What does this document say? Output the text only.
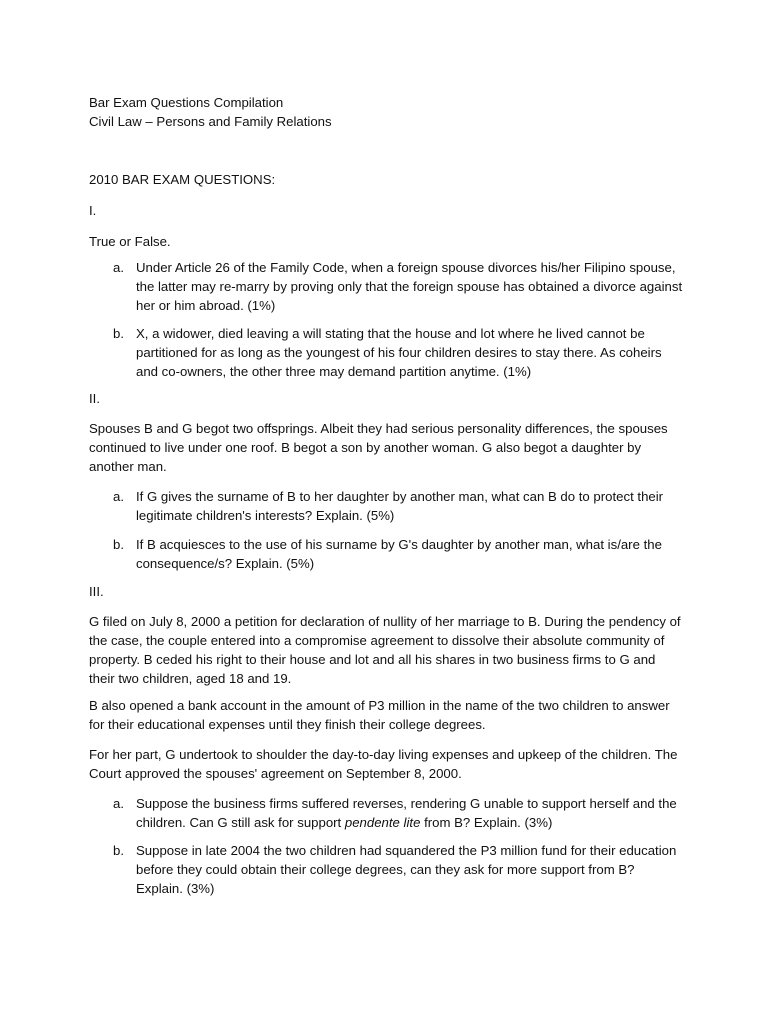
Bar Exam Questions Compilation

Civil Law – Persons and Family Relations

2010 BAR EXAM QUESTIONS:

I.

True or False.

a. Under Article 26 of the Family Code, when a foreign spouse divorces his/her Filipino spouse, the latter may re-marry by proving only that the foreign spouse has obtained a divorce against her or him abroad. (1%)
b. X, a widower, died leaving a will stating that the house and lot where he lived cannot be partitioned for as long as the youngest of his four children desires to stay there. As coheirs and co-owners, the other three may demand partition anytime. (1%)

II.

Spouses B and G begot two offsprings. Albeit they had serious personality differences, the spouses continued to live under one roof. B begot a son by another woman. G also begot a daughter by another man.

a. If G gives the surname of B to her daughter by another man, what can B do to protect their legitimate children's interests? Explain. (5%)
b. If B acquiesces to the use of his surname by G's daughter by another man, what is/are the consequence/s? Explain. (5%)

III.

G filed on July 8, 2000 a petition for declaration of nullity of her marriage to B. During the pendency of the case, the couple entered into a compromise agreement to dissolve their absolute community of property. B ceded his right to their house and lot and all his shares in two business firms to G and their two children, aged 18 and 19.

B also opened a bank account in the amount of P3 million in the name of the two children to answer for their educational expenses until they finish their college degrees.

For her part, G undertook to shoulder the day-to-day living expenses and upkeep of the children. The Court approved the spouses' agreement on September 8, 2000.

a. Suppose the business firms suffered reverses, rendering G unable to support herself and the children. Can G still ask for support pendente lite from B? Explain. (3%)
b. Suppose in late 2004 the two children had squandered the P3 million fund for their education before they could obtain their college degrees, can they ask for more support from B? Explain. (3%)
